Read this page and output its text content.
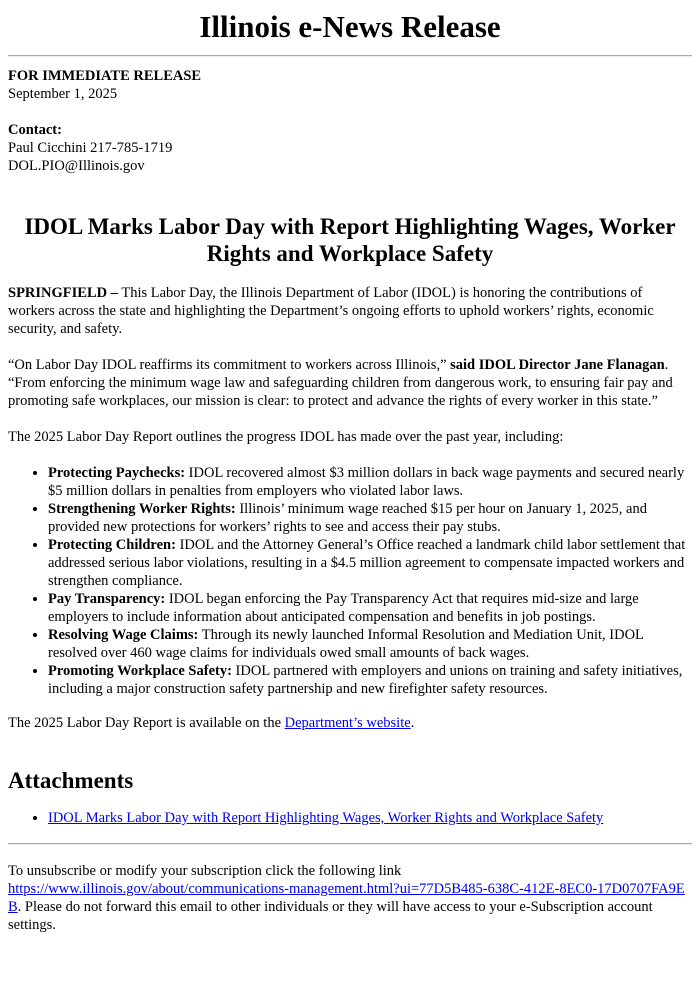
Illinois e-News Release
FOR IMMEDIATE RELEASE
September 1, 2025
Contact:
Paul Cicchini 217-785-1719
DOL.PIO@Illinois.gov
IDOL Marks Labor Day with Report Highlighting Wages, Worker Rights and Workplace Safety

SPRINGFIELD – This Labor Day, the Illinois Department of Labor (IDOL) is honoring the contributions of workers across the state and highlighting the Department’s ongoing efforts to uphold workers’ rights, economic security, and safety.

“On Labor Day IDOL reaffirms its commitment to workers across Illinois,” said IDOL Director Jane Flanagan. “From enforcing the minimum wage law and safeguarding children from dangerous work, to ensuring fair pay and promoting safe workplaces, our mission is clear: to protect and advance the rights of every worker in this state.”

The 2025 Labor Day Report outlines the progress IDOL has made over the past year, including:

• Protecting Paychecks: IDOL recovered almost $3 million dollars in back wage payments and secured nearly $5 million dollars in penalties from employers who violated labor laws.
• Strengthening Worker Rights: Illinois’ minimum wage reached $15 per hour on January 1, 2025, and provided new protections for workers’ rights to see and access their pay stubs.
• Protecting Children: IDOL and the Attorney General’s Office reached a landmark child labor settlement that addressed serious labor violations, resulting in a $4.5 million agreement to compensate impacted workers and strengthen compliance.
• Pay Transparency: IDOL began enforcing the Pay Transparency Act that requires mid-size and large employers to include information about anticipated compensation and benefits in job postings.
• Resolving Wage Claims: Through its newly launched Informal Resolution and Mediation Unit, IDOL resolved over 460 wage claims for individuals owed small amounts of back wages.
• Promoting Workplace Safety: IDOL partnered with employers and unions on training and safety initiatives, including a major construction safety partnership and new firefighter safety resources.

The 2025 Labor Day Report is available on the Department’s website.

Attachments
• IDOL Marks Labor Day with Report Highlighting Wages, Worker Rights and Workplace Safety
To unsubscribe or modify your subscription click the following link
https://www.illinois.gov/about/communications-management.html?ui=77D5B485-638C-412E-8EC0-17D0707FA9EB. Please do not forward this email to other individuals or they will have access to your e-Subscription account settings.
